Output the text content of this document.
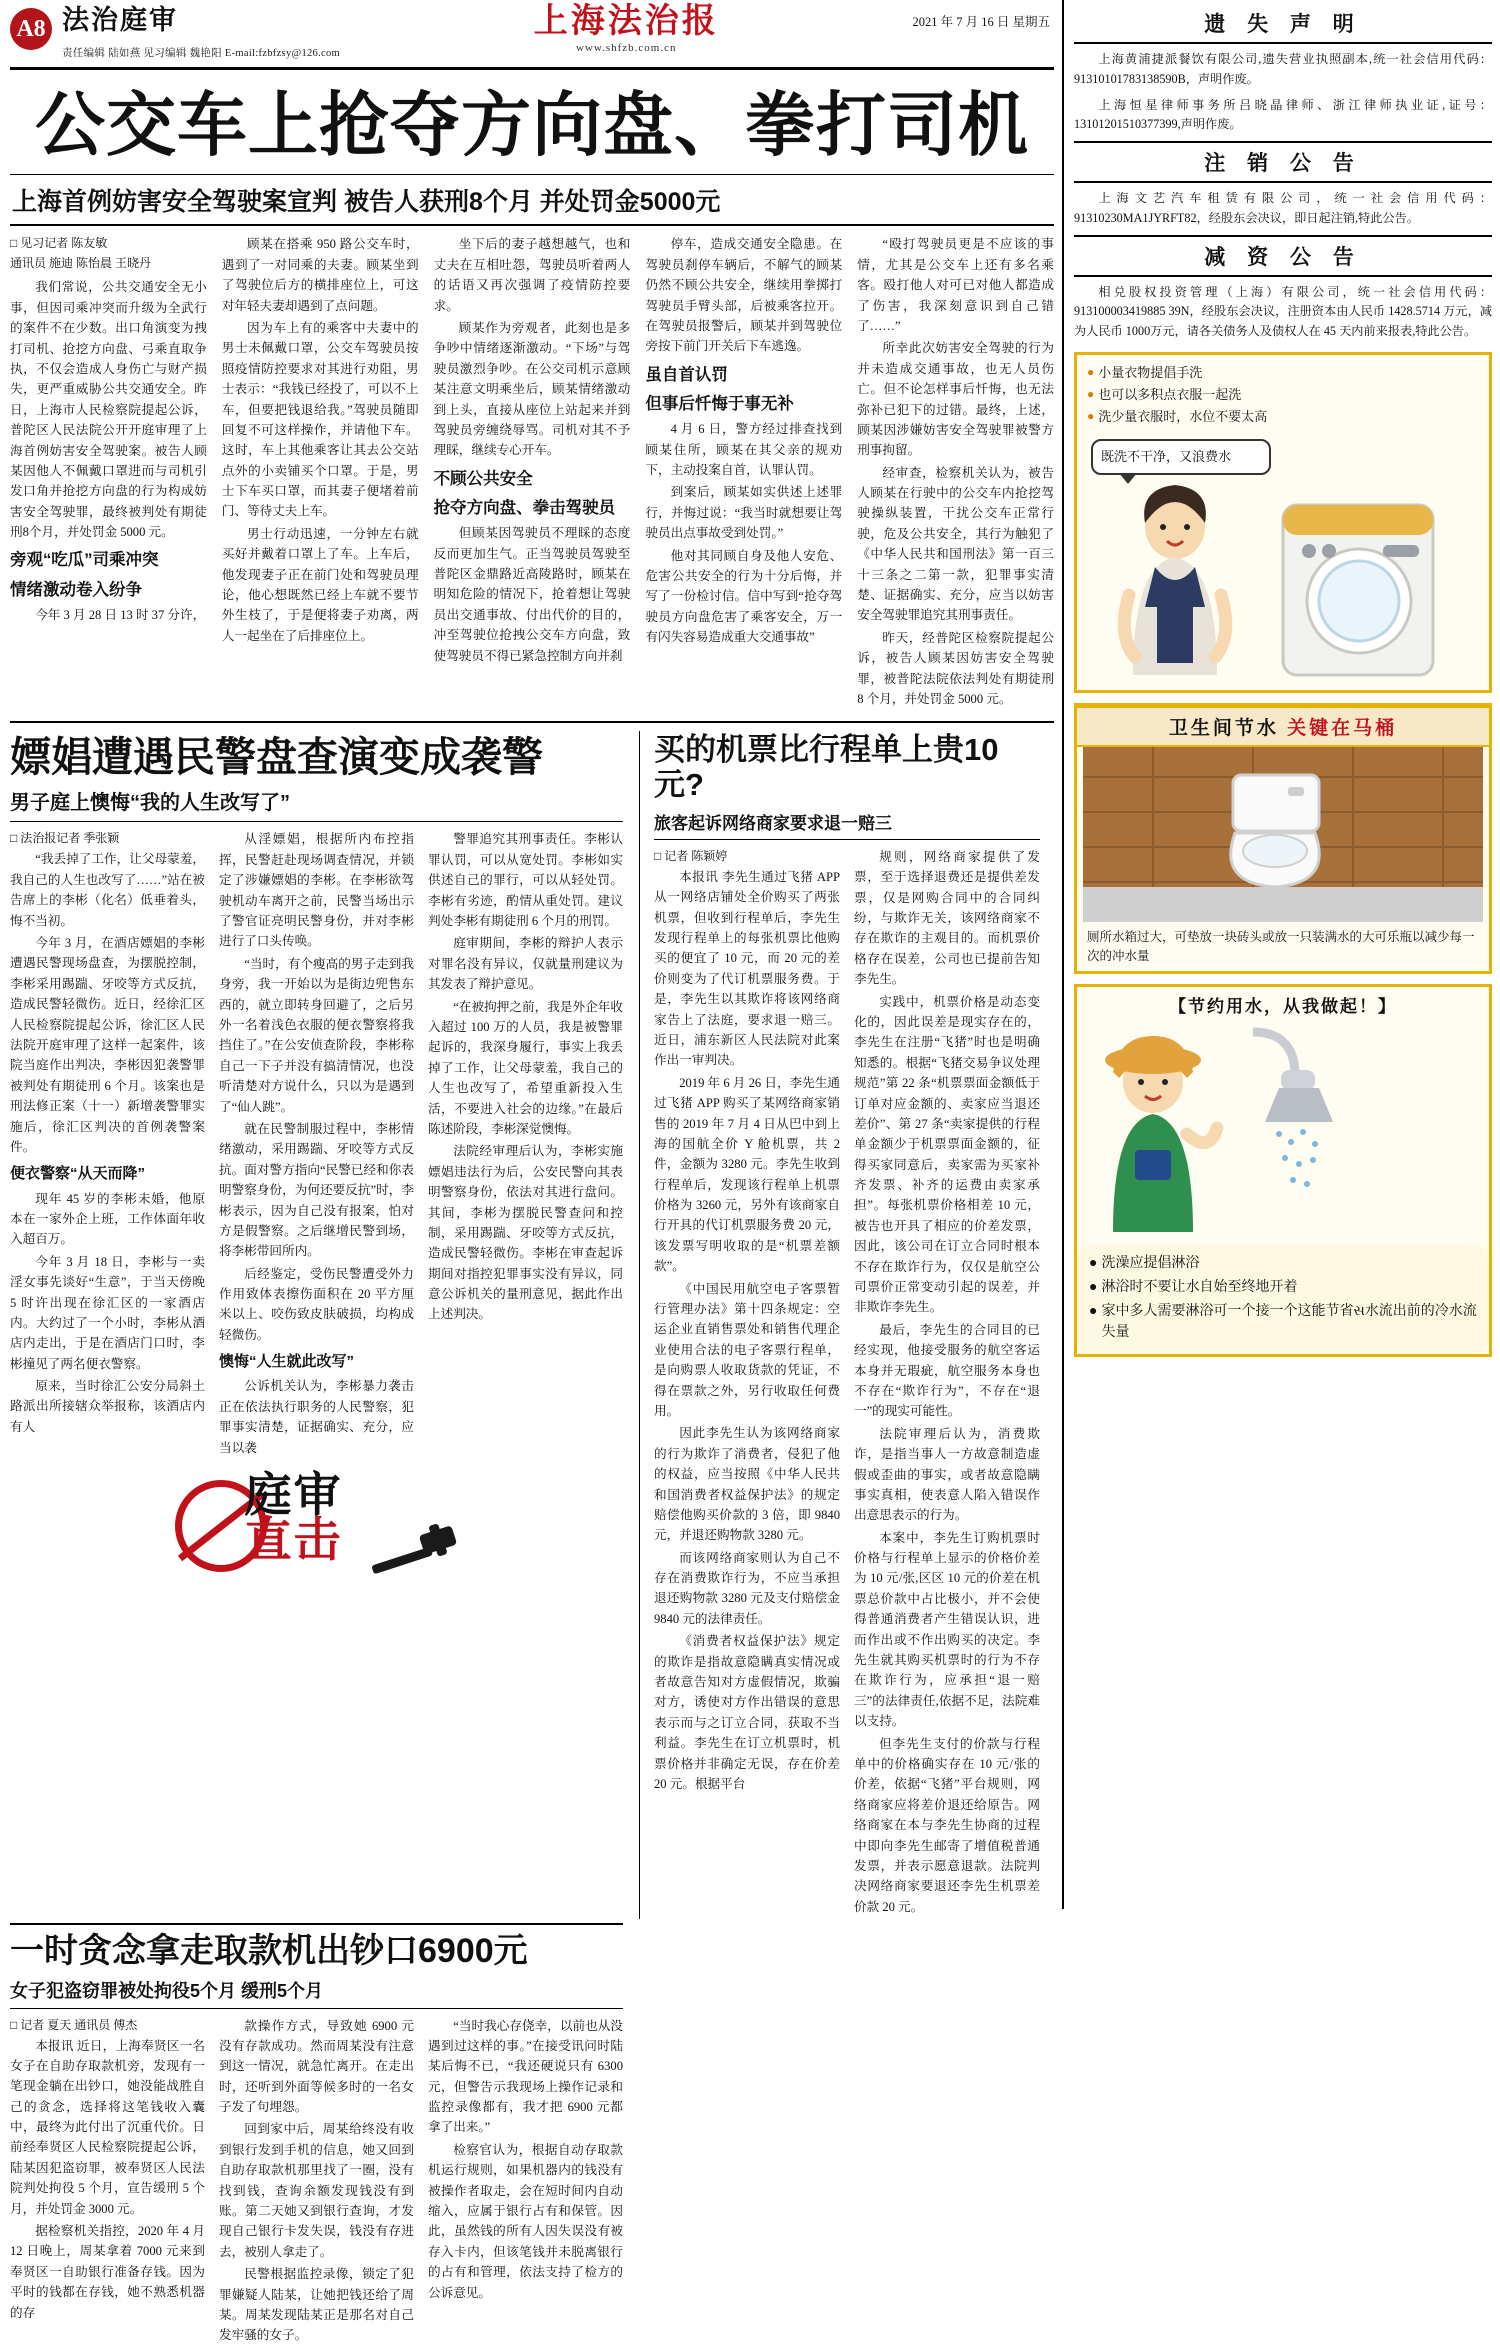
A8 法治庭审
责任编辑 陆如燕 见习编辑 魏艳阳 E-mail:fzbfzsy@126.com
上海法治报
www.shfzb.com.cn
2021 年 7 月 16 日 星期五
公交车上抢夺方向盘、拳打司机
上海首例妨害安全驾驶案宣判 被告人获刑8个月 并处罚金5000元
□ 见习记者 陈友敏
通讯员 施迪 陈怡晨 王晓丹

我们常说，公共交通安全无小事，但因司乘冲突而升级为全武行的案件不在少数。出口角演变为拽打司机、抢挖方向盘、弓乘直取争执，不仅会造成人身伤亡与财产损失，更严重威胁公共交通安全。昨日，上海市人民检察院提起公诉，普陀区人民法院公开开庭审理了上海首例妨害安全驾驶案。被告人顾某因他人不佩戴口罩进而与司机引发口角并抢挖方向盘的行为构成妨害安全驾驶罪，最终被判处有期徒刑8个月，并处罚金 5000 元。

旁观“吃瓜”司乘冲突
情绪激动卷入纷争

今年 3 月 28 日 13 时 37 分许，

顾某在搭乘 950 路公交车时，遇到了一对同乘的夫妻。顾某坐到了驾驶位后方的横排座位上，可这对年轻夫妻却遇到了点问题。

因为车上有的乘客中夫妻中的男士未佩戴口罩，公交车驾驶员按照疫情防控要求对其进行劝阻，男士表示：“我钱已经投了，可以不上车，但要把钱退给我。”驾驶员随即回复不可这样操作，并请他下车。这时，车上其他乘客让其去公交站点外的小卖铺买个口罩。于是，男士下车买口罩，而其妻子便堵着前门、等待丈夫上车。

男士行动迅速，一分钟左右就买好并戴着口罩上了车。上车后，他发现妻子正在前门处和驾驶员理论，他心想既然已经上车就不要节外生枝了，于是便将妻子劝离，两人一起坐在了后排座位上。

坐下后的妻子越想越气，也和丈夫在互相吐怨，驾驶员听着两人的话语又再次强调了疫情防控要求。

顾某作为旁观者，此刻也是多争吵中情绪逐渐激动。“下场”与驾驶员激烈争吵。在公交司机示意顾某注意文明乘坐后，顾某情绪激动到上头，直接从座位上站起来并到驾驶员旁缠绕辱骂。司机对其不予理睬，继续专心开车。

不顾公共安全
抢夺方向盘、拳击驾驶员

但顾某因驾驶员不理睬的态度反而更加生气。正当驾驶员驾驶至普陀区金鼎路近高陵路时，顾某在明知危险的情况下，抢着想让驾驶员出交通事故、付出代价的目的，冲至驾驶位抢拽公交车方向盘，致使驾驶员不得已紧急控制方向并刹

停车，造成交通安全隐患。在驾驶员刹停车辆后，不解气的顾某仍然不顾公共安全，继续用拳掷打驾驶员手臂头部，后被乘客拉开。在驾驶员报警后，顾某并到驾驶位旁按下前门开关后下车逃逸。

虽自首认罚
但事后忏悔于事无补

4 月 6 日，警方经过排查找到顾某住所，顾某在其父亲的规劝下，主动投案自首，认罪认罚。

到案后，顾某如实供述上述罪行，并悔过说：“我当时就想要让驾驶员出点事故受到处罚。”

他对其同顾自身及他人安危、危害公共安全的行为十分后悔，并写了一份检讨信。信中写到“抢夺驾驶员方向盘危害了乘客安全，万一有闪失容易造成重大交通事故”

“殴打驾驶员更是不应该的事情，尤其是公交车上还有多名乘客。殴打他人对可已对他人都造成了伤害，我深刻意识到自己错了……”

所幸此次妨害安全驾驶的行为并未造成交通事故，也无人员伤亡。但不论怎样事后忏悔，也无法弥补已犯下的过错。最终，上述，顾某因涉嫌妨害安全驾驶罪被警方刑事拘留。

经审查，检察机关认为，被告人顾某在行驶中的公交车内抢挖驾驶操纵装置，干扰公交车正常行驶，危及公共安全，其行为触犯了《中华人民共和国刑法》第一百三十三条之二第一款，犯罪事实清楚、证据确实、充分，应当以妨害安全驾驶罪追究其刑事责任。

昨天，经普陀区检察院提起公诉，被告人顾某因妨害安全驾驶罪，被普陀法院依法判处有期徒刑 8 个月，并处罚金 5000 元。

嫖娼遭遇民警盘查演变成袭警
男子庭上懊悔“我的人生改写了”
□ 法治报记者 季张颖

“我丢掉了工作，让父母蒙羞，我自己的人生也改写了……”站在被告席上的李彬（化名）低垂着头，悔不当初。

今年 3 月，在酒店嫖娼的李彬遭遇民警现场盘查，为摆脱控制，李彬采用踢踹、牙咬等方式反抗，造成民警轻微伤。近日，经徐汇区人民检察院提起公诉，徐汇区人民法院开庭审理了这样一起案件，该院当庭作出判决，李彬因犯袭警罪被判处有期徒刑 6 个月。该案也是刑法修正案（十一）新增袭警罪实施后，徐汇区判决的首例袭警案件。

便衣警察“从天而降”

现年 45 岁的李彬未婚，他原本在一家外企上班，工作体面年收入超百万。

今年 3 月 18 日，李彬与一卖淫女事先谈好“生意”，于当天傍晚 5 时许出现在徐汇区的一家酒店内。大约过了一个小时，李彬从酒店内走出，于是在酒店门口时，李彬撞见了两名便衣警察。

原来，当时徐汇公安分局斜土路派出所接辖众举报称，该酒店内有人

从淫嫖娼，根据所内布控指挥，民警赶赴现场调查情况，并锁定了涉嫌嫖娼的李彬。在李彬欲驾驶机动车离开之前，民警当场出示了警官证亮明民警身份，并对李彬进行了口头传唤。

“当时，有个瘦高的男子走到我身旁，我一开始以为是街边兜售东西的，就立即转身回避了，之后另外一名着浅色衣服的便衣警察将我挡住了。”在公安侦查阶段，李彬称自己一下子并没有搞清情况，也没听清楚对方说什么，只以为是遇到了“仙人跳”。

就在民警制服过程中，李彬情绪激动，采用踢踹、牙咬等方式反抗。面对警方指向“民警已经和你表明警察身份，为何还要反抗”时，李彬表示，因为自己没有报案，怕对方是假警察。之后继增民警到场，将李彬带回所内。

后经鉴定，受伤民警遭受外力作用致体表擦伤面积在 20 平方厘米以上、咬伤致皮肤破损，均构成轻微伤。

懊悔“人生就此改写”

公诉机关认为，李彬暴力袭击正在依法执行职务的人民警察，犯罪事实清楚，证据确实、充分，应当以袭

警罪追究其刑事责任。李彬认罪认罚，可以从宽处罚。李彬如实供述自己的罪行，可以从轻处罚。李彬有劣迹，酌情从重处罚。建议判处李彬有期徒刑 6 个月的刑罚。

庭审期间，李彬的辩护人表示对罪名没有异议，仅就量刑建议为其发表了辩护意见。

“在被拘押之前，我是外企年收入超过 100 万的人员，我是被警罪起诉的，我深身履行，事实上我丢掉了工作，让父母蒙羞，我自己的人生也改写了，希望重新投入生活，不要进入社会的边缘。”在最后陈述阶段，李彬深觉懊悔。

法院经审理后认为，李彬实施嫖娼违法行为后，公安民警向其表明警察身份，依法对其进行盘问。其间，李彬为摆脱民警查问和控制，采用踢踹、牙咬等方式反抗，造成民警轻微伤。李彬在审查起诉期间对指控犯罪事实没有异议，同意公诉机关的量刑意见，据此作出上述判决。

庭审
直击
买的机票比行程单上贵10元?
旅客起诉网络商家要求退一赔三
□ 记者 陈颖婷

本报讯 李先生通过飞猪 APP 从一网络店铺处全价购买了两张机票，但收到行程单后，李先生发现行程单上的每张机票比他购买的便宜了 10 元，而 20 元的差价则变为了代订机票服务费。于是，李先生以其欺诈将该网络商家告上了法庭，要求退一赔三。近日，浦东新区人民法院对此案作出一审判决。

2019 年 6 月 26 日，李先生通过飞猪 APP 购买了某网络商家销售的 2019 年 7 月 4 日从巴中到上海的国航全价 Y 舱机票，共 2 件，金额为 3280 元。李先生收到行程单后，发现该行程单上机票价格为 3260 元，另外有该商家自行开具的代订机票服务费 20 元，该发票写明收取的是“机票差额款”。

《中国民用航空电子客票暂行管理办法》第十四条规定：空运企业直销售票处和销售代理企业使用合法的电子客票行程单，是向购票人收取货款的凭证，不得在票款之外，另行收取任何费用。

因此李先生认为该网络商家的行为欺诈了消费者，侵犯了他的权益，应当按照《中华人民共和国消费者权益保护法》的规定赔偿他购买价款的 3 倍，即 9840 元，并退还购物款 3280 元。

而该网络商家则认为自己不存在消费欺诈行为，不应当承担退还购物款 3280 元及支付赔偿金 9840 元的法律责任。

《消费者权益保护法》规定的欺诈是指故意隐瞒真实情况或者故意告知对方虚假情况，欺骗对方，诱使对方作出错误的意思表示而与之订立合同，获取不当利益。李先生在订立机票时，机票价格并非确定无误，存在价差 20 元。根据平台

规则，网络商家提供了发票，至于选择退费还是提供差发票，仅是网购合同中的合同纠纷，与欺诈无关，该网络商家不存在欺诈的主观目的。而机票价格存在误差，公司也已提前告知李先生。

实践中，机票价格是动态变化的，因此误差是现实存在的，李先生在注册“飞猪”时也是明确知悉的。根据“飞猪交易争议处理规范”第 22 条“机票票面金额低于订单对应金额的、卖家应当退还差价”、第 27 条“卖家提供的行程单金额少于机票票面金额的，征得买家同意后，卖家需为买家补齐发票、补齐的运费由卖家承担”。每张机票价格相差 10 元，被告也开具了相应的价差发票，因此，该公司在订立合同时根本不存在欺诈行为，仅仅是航空公司票价正常变动引起的误差，并非欺诈李先生。

最后，李先生的合同目的已经实现，他接受服务的航空客运本身并无瑕疵，航空服务本身也不存在“欺诈行为”，不存在“退一”的现实可能性。

法院审理后认为，消费欺诈，是指当事人一方故意制造虚假或歪曲的事实，或者故意隐瞒事实真相，使表意人陷入错误作出意思表示的行为。

本案中，李先生订购机票时价格与行程单上显示的价格价差为 10 元/张,区区 10 元的价差在机票总价款中占比极小，并不会使得普通消费者产生错误认识，进而作出或不作出购买的决定。李先生就其购买机票时的行为不存在欺诈行为，应承担“退一赔三”的法律责任,依据不足，法院难以支持。

但李先生支付的价款与行程单中的价格确实存在 10 元/张的价差，依据“飞猪”平台规则，网络商家应将差价退还给原告。网络商家在本与李先生协商的过程中即向李先生邮寄了增值税普通发票，并表示愿意退款。法院判决网络商家要退还李先生机票差价款 20 元。

一时贪念拿走取款机出钞口6900元
女子犯盗窃罪被处拘役5个月 缓刑5个月
□ 记者 夏天 通讯员 傅杰

本报讯 近日，上海奉贤区一名女子在自助存取款机旁，发现有一笔现金躺在出钞口，她没能战胜自己的贪念，选择将这笔钱收入囊中，最终为此付出了沉重代价。日前经奉贤区人民检察院提起公诉，陆某因犯盗窃罪，被奉贤区人民法院判处拘役 5 个月，宣告缓刑 5 个月，并处罚金 3000 元。

据检察机关指控，2020 年 4 月 12 日晚上，周某拿着 7000 元来到奉贤区一自助银行准备存钱。因为平时的钱都在存钱，她不熟悉机器的存

款操作方式，导致她 6900 元没有存款成功。然而周某没有注意到这一情况，就急忙离开。在走出时，还听到外面等候多时的一名女子发了句埋怨。

回到家中后，周某给终没有收到银行发到手机的信息，她又回到自助存取款机那里找了一圈，没有找到钱，查询余额发现钱没有到账。第二天她又到银行查询，才发现自己银行卡发失误，钱没有存进去，被别人拿走了。

民警根据监控录像，锁定了犯罪嫌疑人陆某，让她把钱还给了周某。周某发现陆某正是那名对自己发牢骚的女子。

“当时我心存侥幸，以前也从没遇到过这样的事。”在接受讯问时陆某后悔不已，“我还硬说只有 6300 元，但警告示我现场上操作记录和监控录像都有，我才把 6900 元都拿了出来。”

检察官认为，根据自动存取款机运行规则，如果机器内的钱没有被操作者取走，会在短时间内自动缩入，应属于银行占有和保管。因此，虽然钱的所有人因失误没有被存入卡内，但该笔钱并未脱离银行的占有和管理，依法支持了检方的公诉意见。

遗 失 声 明

上海黄浦捷派餐饮有限公司,遗失营业执照副本,统一社会信用代码：91310101783138590B，声明作废。

上海恒星律师事务所吕晓晶律师、浙江律师执业证,证号：13101201510377399,声明作废。

注 销 公 告

上海文艺汽车租赁有限公司，统一社会信用代码：91310230MA1JYRFT82，经股东会决议，即日起注销,特此公告。

减 资 公 告

相兑股权投资管理（上海）有限公司，统一社会信用代码：913100003419885 39N，经股东会决议，注册资本由人民币 1428.5714 万元，减为人民币 1000万元，请各关债务人及债权人在 45 天内前来报表,特此公告。

● 小量衣物提倡手洗
● 也可以多积点衣服一起洗
● 洗少量衣服时，水位不要太高
既洗不干净，又浪费水
卫生间节水 关键在马桶
厕所水箱过大，可垫放一块砖头或放一只装满水的大可乐瓶以减少每一次的冲水量
【节约用水，从我做起！】
● 洗澡应提倡淋浴
● 淋浴时不要让水自始至终地开着
● 家中多人需要淋浴可一个接一个这能节省સ水流出前的冷水流失量
